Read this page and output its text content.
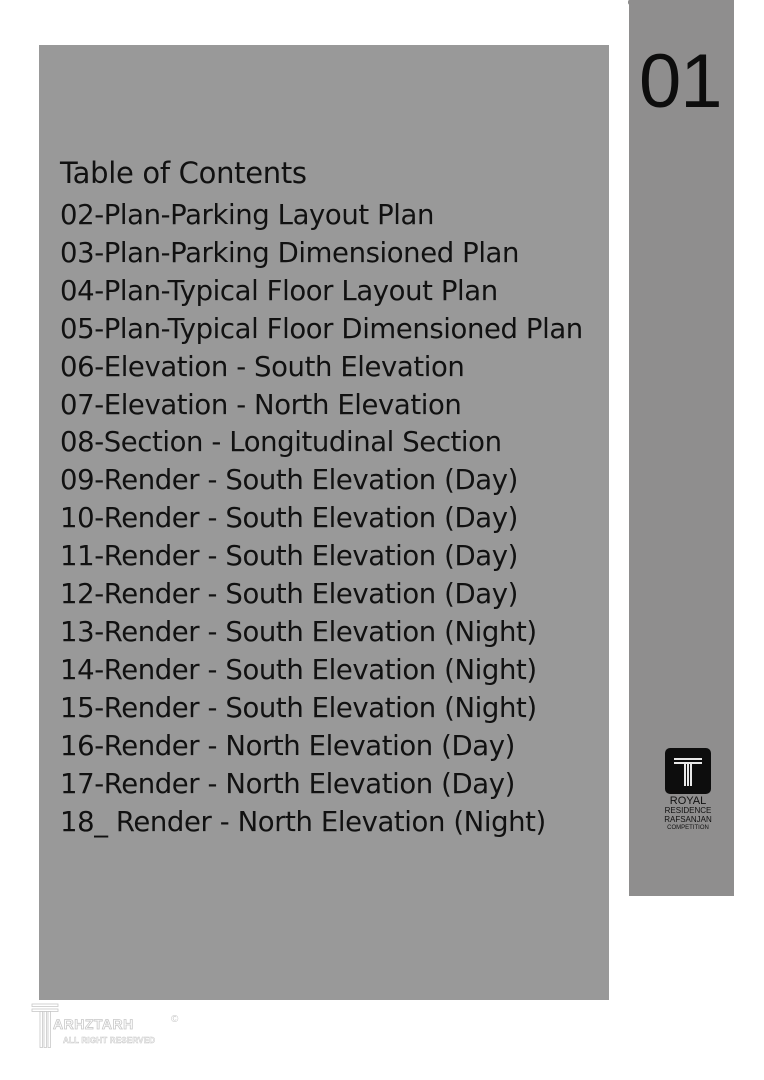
Table of Contents
02-Plan-Parking Layout Plan
03-Plan-Parking Dimensioned Plan
04-Plan-Typical Floor Layout Plan
05-Plan-Typical Floor Dimensioned Plan
06-Elevation - South Elevation
07-Elevation - North Elevation
08-Section - Longitudinal Section
09-Render - South Elevation (Day)
10-Render - South Elevation (Day)
11-Render - South Elevation (Day)
12-Render - South Elevation (Day)
13-Render - South Elevation (Night)
14-Render - South Elevation (Night)
15-Render - South Elevation (Night)
16-Render - North Elevation (Day)
17-Render - North Elevation (Day)
18_ Render - North Elevation (Night)
01
ROYAL
RESIDENCE
RAFSANJAN
COMPETITION
ARHZTARH
ALL RIGHT RESERVED
©
